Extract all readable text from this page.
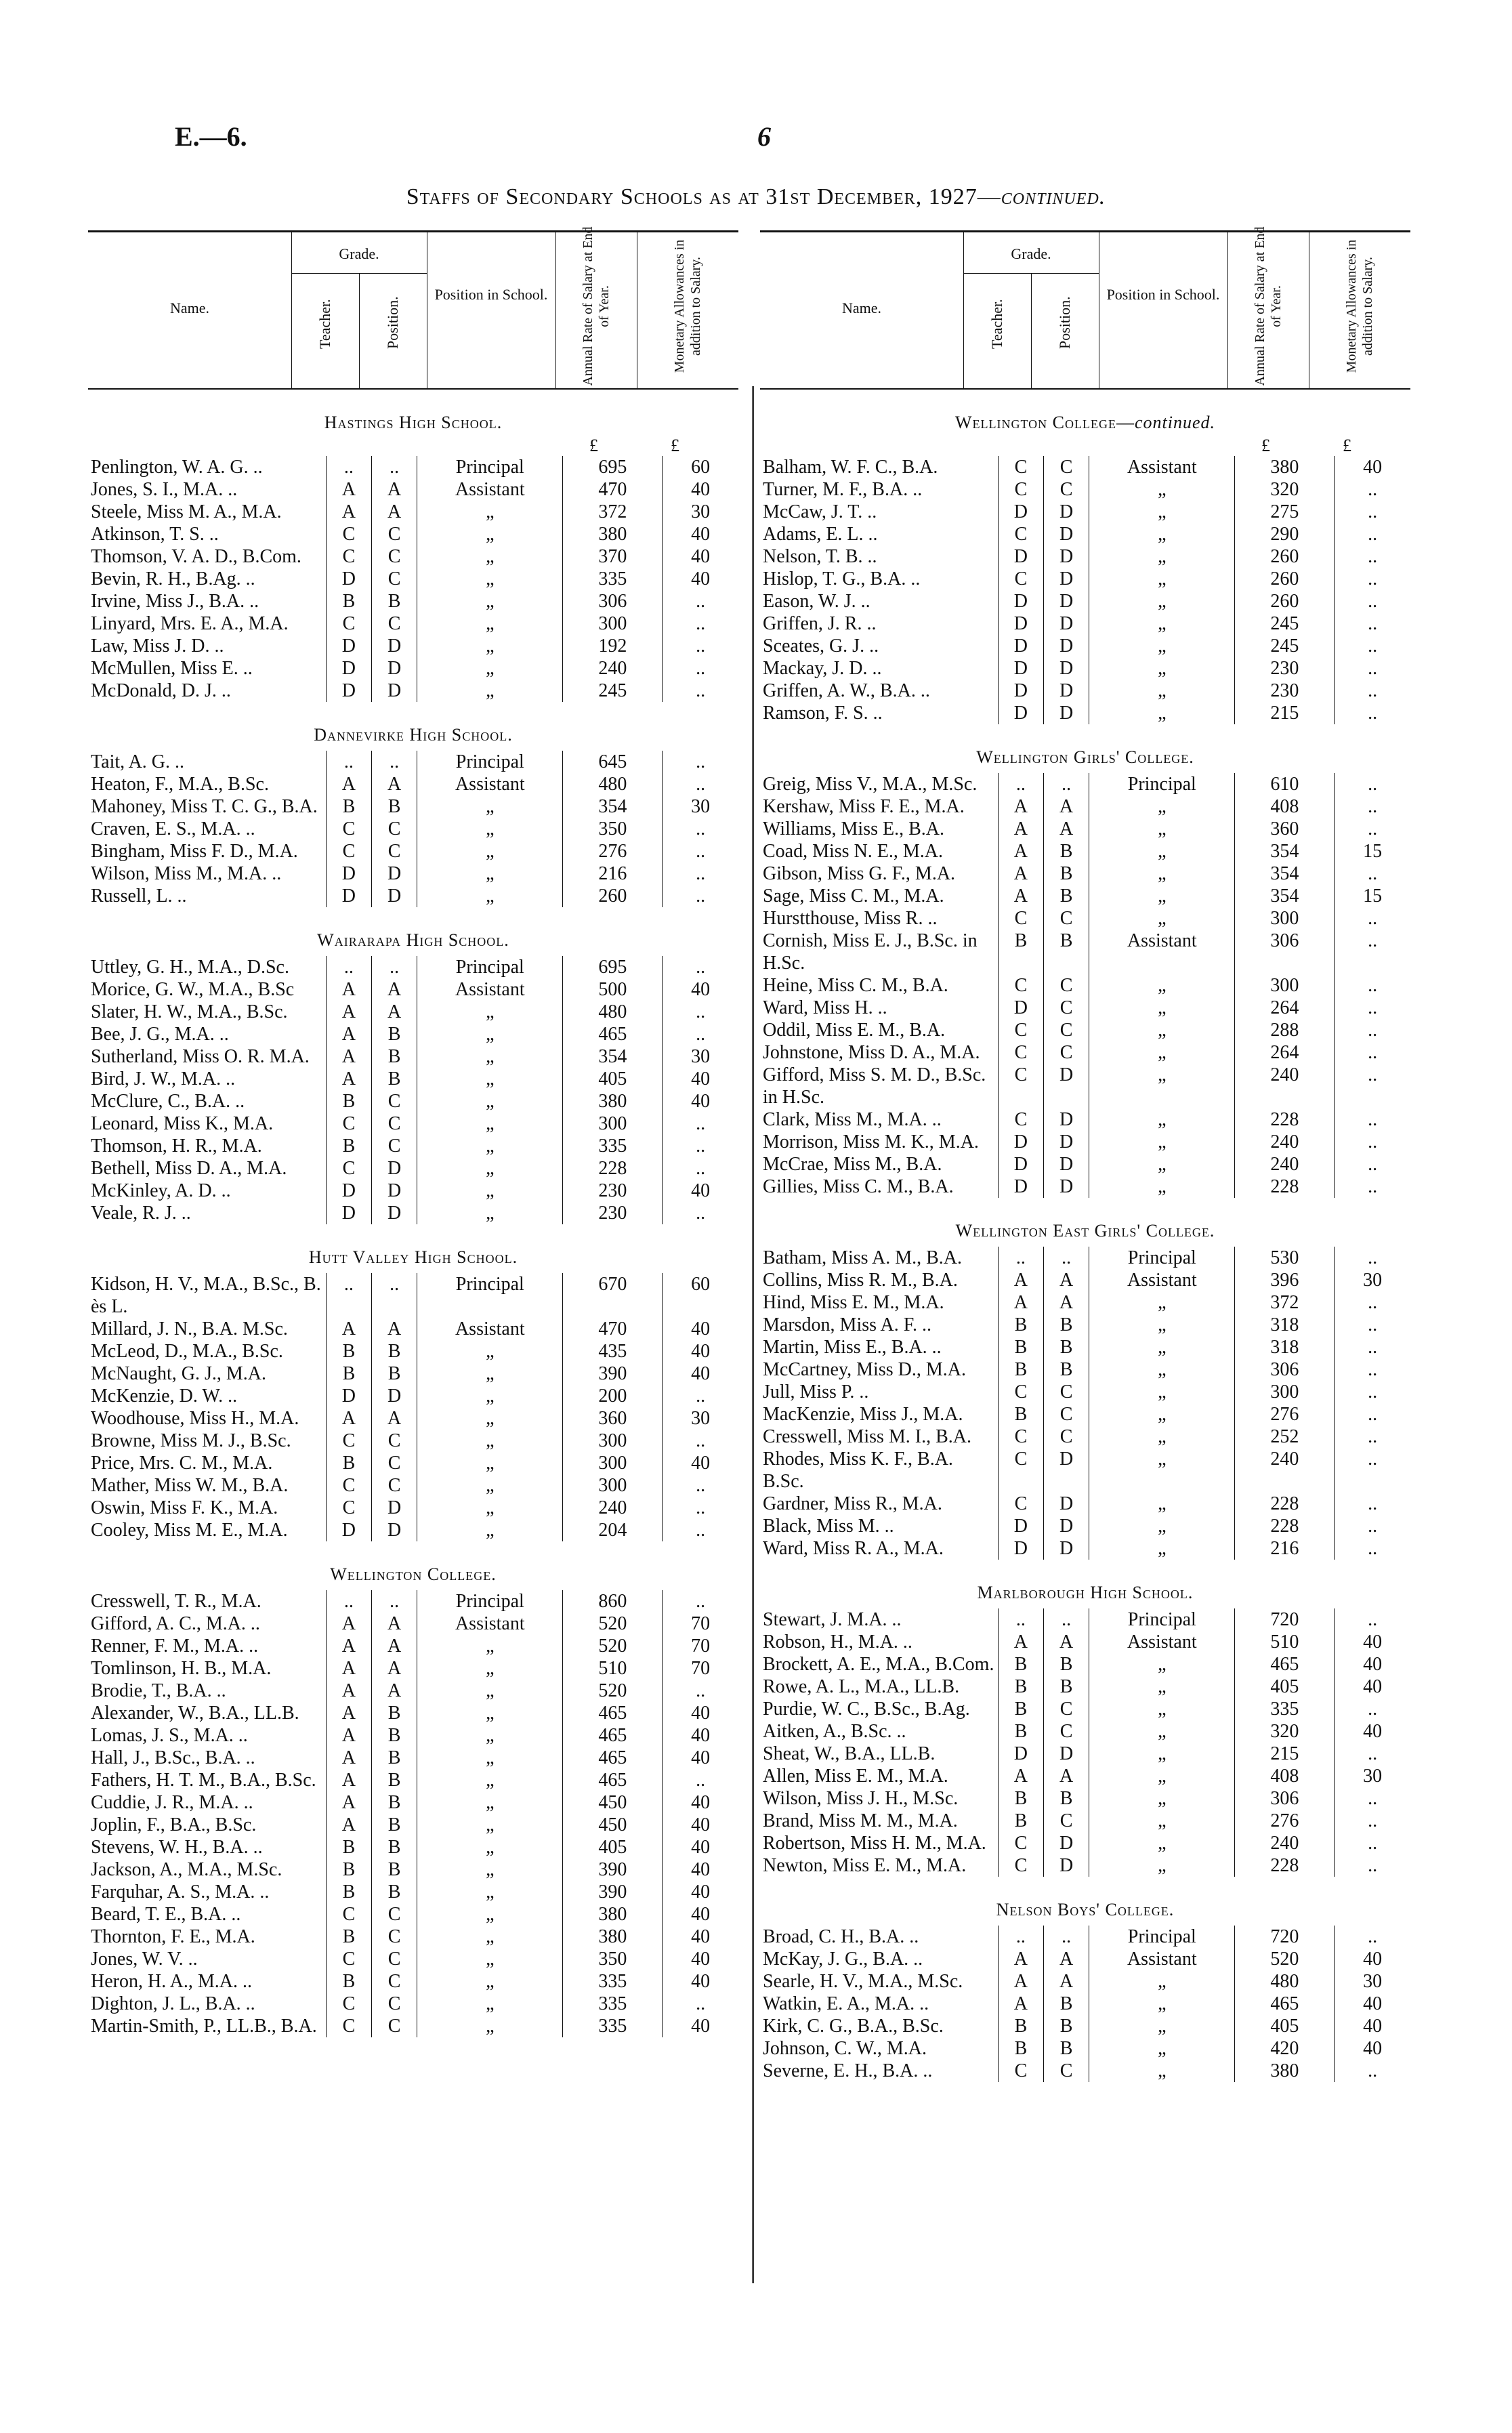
E.—6.	6
Staffs of Secondary Schools as at 31st December, 1927—continued.
Name.
Grade.
Teacher.	Position.
Position in School. Annual Rate of Salary at End of Year.	Monetary Allowances in addition to Salary.
Hastings High School.
£	£
Penlington, W. A. G. ..	..	..	Principal	695	60
Jones, S. I., M.A. ..	A	A	Assistant	470	40
Steele, Miss M. A., M.A.	A	A	„	372	30
Atkinson, T. S. ..	C	C	„	380	40
Thomson, V. A. D., B.Com.	C	C	„	370	40
Bevin, R. H., B.Ag. ..	D	C	„	335	40
Irvine, Miss J., B.A. ..	B	B	„	306	..
Linyard, Mrs. E. A., M.A.	C	C	„	300	..
Law, Miss J. D. ..	D	D	„	192	..
McMullen, Miss E. ..	D	D	„	240	..
McDonald, D. J. ..	D	D	„	245	..
Dannevirke High School.
Tait, A. G. ..	..	..	Principal	645	..
Heaton, F., M.A., B.Sc.	A	A	Assistant	480	..
Mahoney, Miss T. C. G., B.A.	B	B	„	354	30
Craven, E. S., M.A. ..	C	C	„	350	..
Bingham, Miss F. D., M.A.	C	C	„	276	..
Wilson, Miss M., M.A. ..	D	D	„	216	..
Russell, L. ..	D	D	„	260	..
Wairarapa High School.
Uttley, G. H., M.A., D.Sc.	..	..	Principal	695	..
Morice, G. W., M.A., B.Sc	A	A	Assistant	500	40
Slater, H. W., M.A., B.Sc.	A	A	„	480	..
Bee, J. G., M.A. ..	A	B	„	465	..
Sutherland, Miss O. R. M.A.	A	B	„	354	30
Bird, J. W., M.A. ..	A	B	„	405	40
McClure, C., B.A. ..	B	C	„	380	40
Leonard, Miss K., M.A.	C	C	„	300	..
Thomson, H. R., M.A.	B	C	„	335	..
Bethell, Miss D. A., M.A.	C	D	„	228	..
McKinley, A. D. ..	D	D	„	230	40
Veale, R. J. ..	D	D	„	230	..
Hutt Valley High School.
Kidson, H. V., M.A., B.Sc., B. ès L.	..	..	Principal	670	60
Millard, J. N., B.A. M.Sc.	A	A	Assistant	470	40
McLeod, D., M.A., B.Sc.	B	B	„	435	40
McNaught, G. J., M.A.	B	B	„	390	40
McKenzie, D. W. ..	D	D	„	200	..
Woodhouse, Miss H., M.A.	A	A	„	360	30
Browne, Miss M. J., B.Sc.	C	C	„	300	..
Price, Mrs. C. M., M.A.	B	C	„	300	40
Mather, Miss W. M., B.A.	C	C	„	300	..
Oswin, Miss F. K., M.A.	C	D	„	240	..
Cooley, Miss M. E., M.A.	D	D	„	204	..
Wellington College.
Cresswell, T. R., M.A.	..	..	Principal	860	..
Gifford, A. C., M.A. ..	A	A	Assistant	520	70
Renner, F. M., M.A. ..	A	A	„	520	70
Tomlinson, H. B., M.A.	A	A	„	510	70
Brodie, T., B.A. ..	A	A	„	520	..
Alexander, W., B.A., LL.B.	A	B	„	465	40
Lomas, J. S., M.A. ..	A	B	„	465	40
Hall, J., B.Sc., B.A. ..	A	B	„	465	40
Fathers, H. T. M., B.A., B.Sc.	A	B	„	465	..
Cuddie, J. R., M.A. ..	A	B	„	450	40
Joplin, F., B.A., B.Sc.	A	B	„	450	40
Stevens, W. H., B.A. ..	B	B	„	405	40
Jackson, A., M.A., M.Sc.	B	B	„	390	40
Farquhar, A. S., M.A. ..	B	B	„	390	40
Beard, T. E., B.A. ..	C	C	„	380	40
Thornton, F. E., M.A.	B	C	„	380	40
Jones, W. V. ..	C	C	„	350	40
Heron, H. A., M.A. ..	B	C	„	335	40
Dighton, J. L., B.A. ..	C	C	„	335	..
Martin-Smith, P., LL.B., B.A.	C	C	„	335	40
Name.
Grade.
Teacher.	Position.
Position in School. Annual Rate of Salary at End of Year.	Monetary Allowances in addition to Salary.
Wellington College—continued.
£	£
Balham, W. F. C., B.A.	C	C	Assistant	380	40
Turner, M. F., B.A. ..	C	C	„	320	..
McCaw, J. T. ..	D	D	„	275	..
Adams, E. L. ..	C	D	„	290	..
Nelson, T. B. ..	D	D	„	260	..
Hislop, T. G., B.A. ..	C	D	„	260	..
Eason, W. J. ..	D	D	„	260	..
Griffen, J. R. ..	D	D	„	245	..
Sceates, G. J. ..	D	D	„	245	..
Mackay, J. D. ..	D	D	„	230	..
Griffen, A. W., B.A. ..	D	D	„	230	..
Ramson, F. S. ..	D	D	„	215	..
Wellington Girls' College.
Greig, Miss V., M.A., M.Sc.	..	..	Principal	610	..
Kershaw, Miss F. E., M.A.	A	A	„	408	..
Williams, Miss E., B.A.	A	A	„	360	..
Coad, Miss N. E., M.A.	A	B	„	354	15
Gibson, Miss G. F., M.A.	A	B	„	354	..
Sage, Miss C. M., M.A.	A	B	„	354	15
Hurstthouse, Miss R. ..	C	C	„	300	..
Cornish, Miss E. J., B.Sc. in H.Sc.	B	B	Assistant	306	..
Heine, Miss C. M., B.A.	C	C	„	300	..
Ward, Miss H. ..	D	C	„	264	..
Oddil, Miss E. M., B.A.	C	C	„	288	..
Johnstone, Miss D. A., M.A.	C	C	„	264	..
Gifford, Miss S. M. D., B.Sc. in H.Sc.	C	D	„	240	..
Clark, Miss M., M.A. ..	C	D	„	228	..
Morrison, Miss M. K., M.A.	D	D	„	240	..
McCrae, Miss M., B.A.	D	D	„	240	..
Gillies, Miss C. M., B.A.	D	D	„	228	..
Wellington East Girls' College.
Batham, Miss A. M., B.A.	..	..	Principal	530	..
Collins, Miss R. M., B.A.	A	A	Assistant	396	30
Hind, Miss E. M., M.A.	A	A	„	372	..
Marsdon, Miss A. F. ..	B	B	„	318	..
Martin, Miss E., B.A. ..	B	B	„	318	..
McCartney, Miss D., M.A.	B	B	„	306	..
Jull, Miss P. ..	C	C	„	300	..
MacKenzie, Miss J., M.A.	B	C	„	276	..
Cresswell, Miss M. I., B.A.	C	C	„	252	..
Rhodes, Miss K. F., B.A. B.Sc.	C	D	„	240	..
Gardner, Miss R., M.A.	C	D	„	228	..
Black, Miss M. ..	D	D	„	228	..
Ward, Miss R. A., M.A.	D	D	„	216	..
Marlborough High School.
Stewart, J. M.A. ..	..	..	Principal	720	..
Robson, H., M.A. ..	A	A	Assistant	510	40
Brockett, A. E., M.A., B.Com.	B	B	„	465	40
Rowe, A. L., M.A., LL.B.	B	B	„	405	40
Purdie, W. C., B.Sc., B.Ag.	B	C	„	335	..
Aitken, A., B.Sc. ..	B	C	„	320	40
Sheat, W., B.A., LL.B.	D	D	„	215	..
Allen, Miss E. M., M.A.	A	A	„	408	30
Wilson, Miss J. H., M.Sc.	B	B	„	306	..
Brand, Miss M. M., M.A.	B	C	„	276	..
Robertson, Miss H. M., M.A.	C	D	„	240	..
Newton, Miss E. M., M.A.	C	D	„	228	..
Nelson Boys' College.
Broad, C. H., B.A. ..	..	..	Principal	720	..
McKay, J. G., B.A. ..	A	A	Assistant	520	40
Searle, H. V., M.A., M.Sc.	A	A	„	480	30
Watkin, E. A., M.A. ..	A	B	„	465	40
Kirk, C. G., B.A., B.Sc.	B	B	„	405	40
Johnson, C. W., M.A.	B	B	„	420	40
Severne, E. H., B.A. ..	C	C	„	380	..
